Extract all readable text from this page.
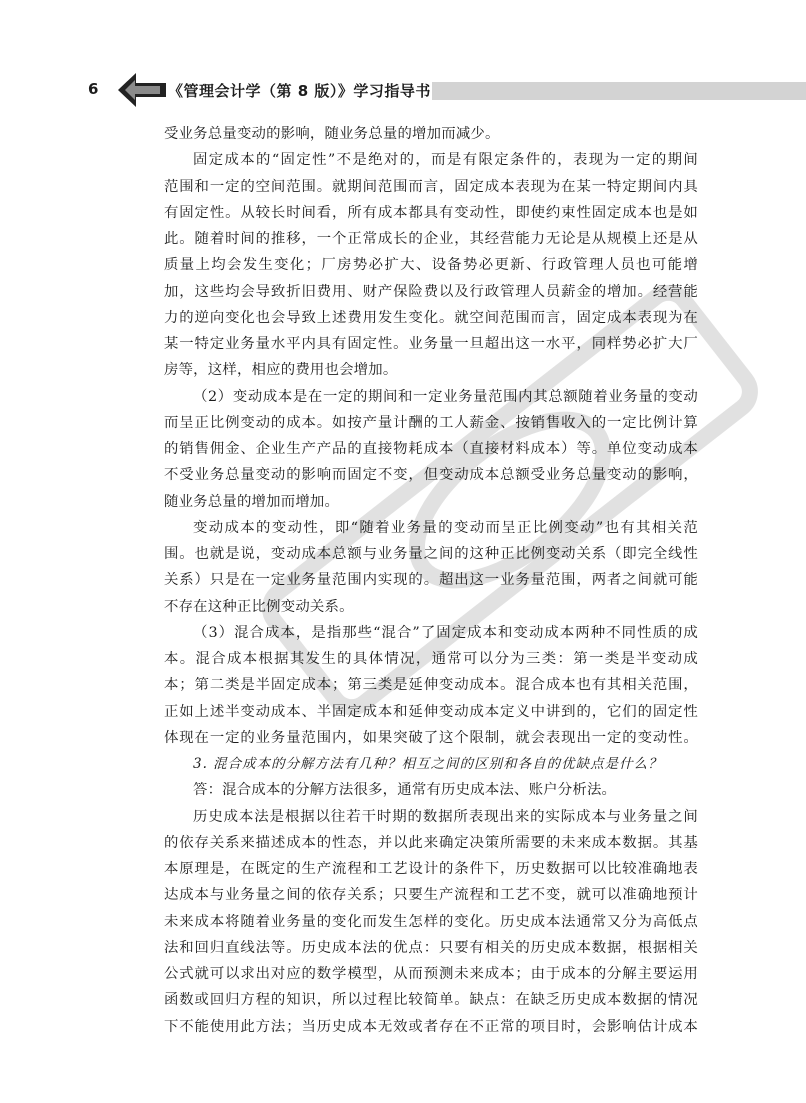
6	《管理会计学（第 8 版）》学习指导书
受业务总量变动的影响，随业务总量的增加而减少。
固定成本的“固定性”不是绝对的，而是有限定条件的，表现为一定的期间
范围和一定的空间范围。就期间范围而言，固定成本表现为在某一特定期间内具
有固定性。从较长时间看，所有成本都具有变动性，即使约束性固定成本也是如
此。随着时间的推移，一个正常成长的企业，其经营能力无论是从规模上还是从
质量上均会发生变化；厂房势必扩大、设备势必更新、行政管理人员也可能增
加，这些均会导致折旧费用、财产保险费以及行政管理人员薪金的增加。经营能
力的逆向变化也会导致上述费用发生变化。就空间范围而言，固定成本表现为在
某一特定业务量水平内具有固定性。业务量一旦超出这一水平，同样势必扩大厂
房等，这样，相应的费用也会增加。
（2）变动成本是在一定的期间和一定业务量范围内其总额随着业务量的变动
而呈正比例变动的成本。如按产量计酬的工人薪金、按销售收入的一定比例计算
的销售佣金、企业生产产品的直接物耗成本（直接材料成本）等。单位变动成本
不受业务总量变动的影响而固定不变，但变动成本总额受业务总量变动的影响，
随业务总量的增加而增加。
变动成本的变动性，即“随着业务量的变动而呈正比例变动”也有其相关范
围。也就是说，变动成本总额与业务量之间的这种正比例变动关系（即完全线性
关系）只是在一定业务量范围内实现的。超出这一业务量范围，两者之间就可能
不存在这种正比例变动关系。
（3）混合成本，是指那些“混合”了固定成本和变动成本两种不同性质的成
本。混合成本根据其发生的具体情况，通常可以分为三类：第一类是半变动成
本；第二类是半固定成本；第三类是延伸变动成本。混合成本也有其相关范围，
正如上述半变动成本、半固定成本和延伸变动成本定义中讲到的，它们的固定性
体现在一定的业务量范围内，如果突破了这个限制，就会表现出一定的变动性。
3. 混合成本的分解方法有几种？相互之间的区别和各自的优缺点是什么？
答：混合成本的分解方法很多，通常有历史成本法、账户分析法。
历史成本法是根据以往若干时期的数据所表现出来的实际成本与业务量之间
的依存关系来描述成本的性态，并以此来确定决策所需要的未来成本数据。其基
本原理是，在既定的生产流程和工艺设计的条件下，历史数据可以比较准确地表
达成本与业务量之间的依存关系；只要生产流程和工艺不变，就可以准确地预计
未来成本将随着业务量的变化而发生怎样的变化。历史成本法通常又分为高低点
法和回归直线法等。历史成本法的优点：只要有相关的历史成本数据，根据相关
公式就可以求出对应的数学模型，从而预测未来成本；由于成本的分解主要运用
函数或回归方程的知识，所以过程比较简单。缺点：在缺乏历史成本数据的情况
下不能使用此方法；当历史成本无效或者存在不正常的项目时，会影响估计成本
